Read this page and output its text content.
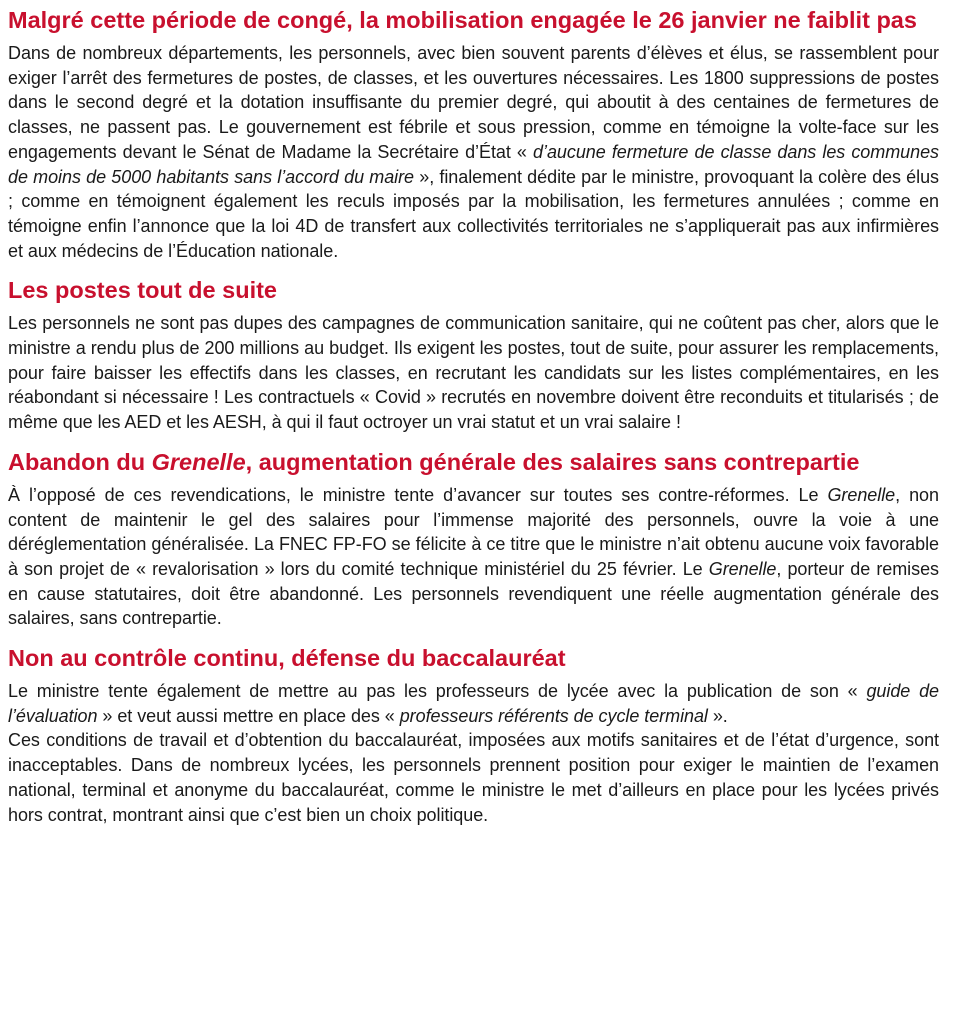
Malgré cette période de congé, la mobilisation engagée le 26 janvier ne faiblit pas

Dans de nombreux départements, les personnels, avec bien souvent parents d’élèves et élus, se rassemblent pour exiger l’arrêt des fermetures de postes, de classes, et les ouvertures nécessaires. Les 1800 suppressions de postes dans le second degré et la dotation insuffisante du premier degré, qui aboutit à des centaines de fermetures de classes, ne passent pas. Le gouvernement est fébrile et sous pression, comme en témoigne la volte-face sur les engagements devant le Sénat de Madame la Secrétaire d’État « d’aucune fermeture de classe dans les communes de moins de 5000 habitants sans l’accord du maire », finalement dédite par le ministre, provoquant la colère des élus ; comme en témoignent également les reculs imposés par la mobilisation, les fermetures annulées ; comme en témoigne enfin l’annonce que la loi 4D de transfert aux collectivités territoriales ne s’appliquerait pas aux infirmières et aux médecins de l’Éducation nationale.

Les postes tout de suite

Les personnels ne sont pas dupes des campagnes de communication sanitaire, qui ne coûtent pas cher, alors que le ministre a rendu plus de 200 millions au budget. Ils exigent les postes, tout de suite, pour assurer les remplacements, pour faire baisser les effectifs dans les classes, en recrutant les candidats sur les listes complémentaires, en les réabondant si nécessaire ! Les contractuels « Covid » recrutés en novembre doivent être reconduits et titularisés ; de même que les AED et les AESH, à qui il faut octroyer un vrai statut et un vrai salaire !

Abandon du Grenelle, augmentation générale des salaires sans contrepartie

À l’opposé de ces revendications, le ministre tente d’avancer sur toutes ses contre-réformes. Le Grenelle, non content de maintenir le gel des salaires pour l’immense majorité des personnels, ouvre la voie à une déréglementation généralisée. La FNEC FP-FO se félicite à ce titre que le ministre n’ait obtenu aucune voix favorable à son projet de « revalorisation » lors du comité technique ministériel du 25 février. Le Grenelle, porteur de remises en cause statutaires, doit être abandonné. Les personnels revendiquent une réelle augmentation générale des salaires, sans contrepartie.

Non au contrôle continu, défense du baccalauréat

Le ministre tente également de mettre au pas les professeurs de lycée avec la publication de son « guide de l’évaluation » et veut aussi mettre en place des « professeurs référents de cycle terminal ».

Ces conditions de travail et d’obtention du baccalauréat, imposées aux motifs sanitaires et de l’état d’urgence, sont inacceptables. Dans de nombreux lycées, les personnels prennent position pour exiger le maintien de l’examen national, terminal et anonyme du baccalauréat, comme le ministre le met d’ailleurs en place pour les lycées privés hors contrat, montrant ainsi que c’est bien un choix politique.
